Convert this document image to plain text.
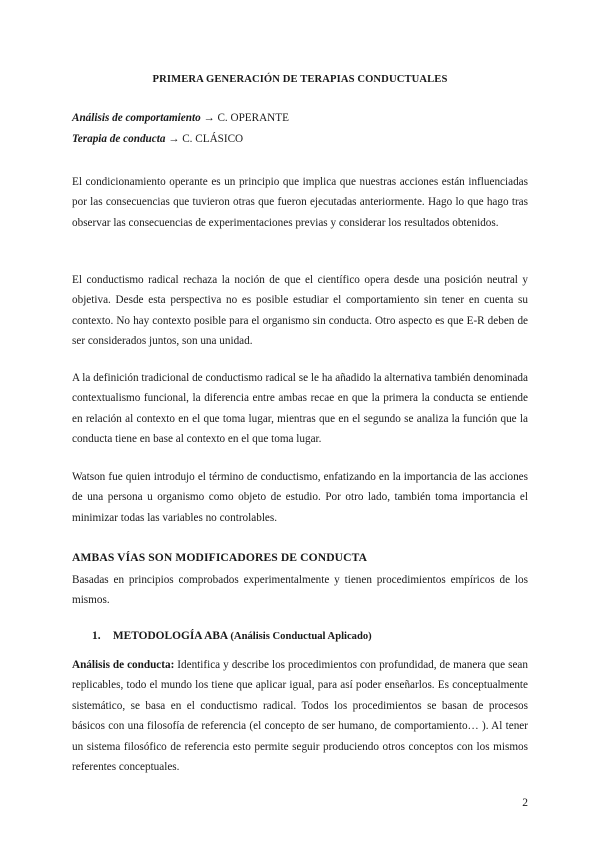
PRIMERA GENERACIÓN DE TERAPIAS CONDUCTUALES
Análisis de comportamiento → C. OPERANTE
Terapia de conducta → C. CLÁSICO

El condicionamiento operante es un principio que implica que nuestras acciones están influenciadas por las consecuencias que tuvieron otras que fueron ejecutadas anteriormente. Hago lo que hago tras observar las consecuencias de experimentaciones previas y considerar los resultados obtenidos.

El conductismo radical rechaza la noción de que el científico opera desde una posición neutral y objetiva. Desde esta perspectiva no es posible estudiar el comportamiento sin tener en cuenta su contexto. No hay contexto posible para el organismo sin conducta. Otro aspecto es que E-R deben de ser considerados juntos, son una unidad.

A la definición tradicional de conductismo radical se le ha añadido la alternativa también denominada contextualismo funcional, la diferencia entre ambas recae en que la primera la conducta se entiende en relación al contexto en el que toma lugar, mientras que en el segundo se analiza la función que la conducta tiene en base al contexto en el que toma lugar.

Watson fue quien introdujo el término de conductismo, enfatizando en la importancia de las acciones de una persona u organismo como objeto de estudio. Por otro lado, también toma importancia el minimizar todas las variables no controlables.

AMBAS VÍAS SON MODIFICADORES DE CONDUCTA

Basadas en principios comprobados experimentalmente y tienen procedimientos empíricos de los mismos.

1. METODOLOGÍA ABA (Análisis Conductual Aplicado)

Análisis de conducta: Identifica y describe los procedimientos con profundidad, de manera que sean replicables, todo el mundo los tiene que aplicar igual, para así poder enseñarlos. Es conceptualmente sistemático, se basa en el conductismo radical. Todos los procedimientos se basan de procesos básicos con una filosofía de referencia (el concepto de ser humano, de comportamiento… ). Al tener un sistema filosófico de referencia esto permite seguir produciendo otros conceptos con los mismos referentes conceptuales.

2
